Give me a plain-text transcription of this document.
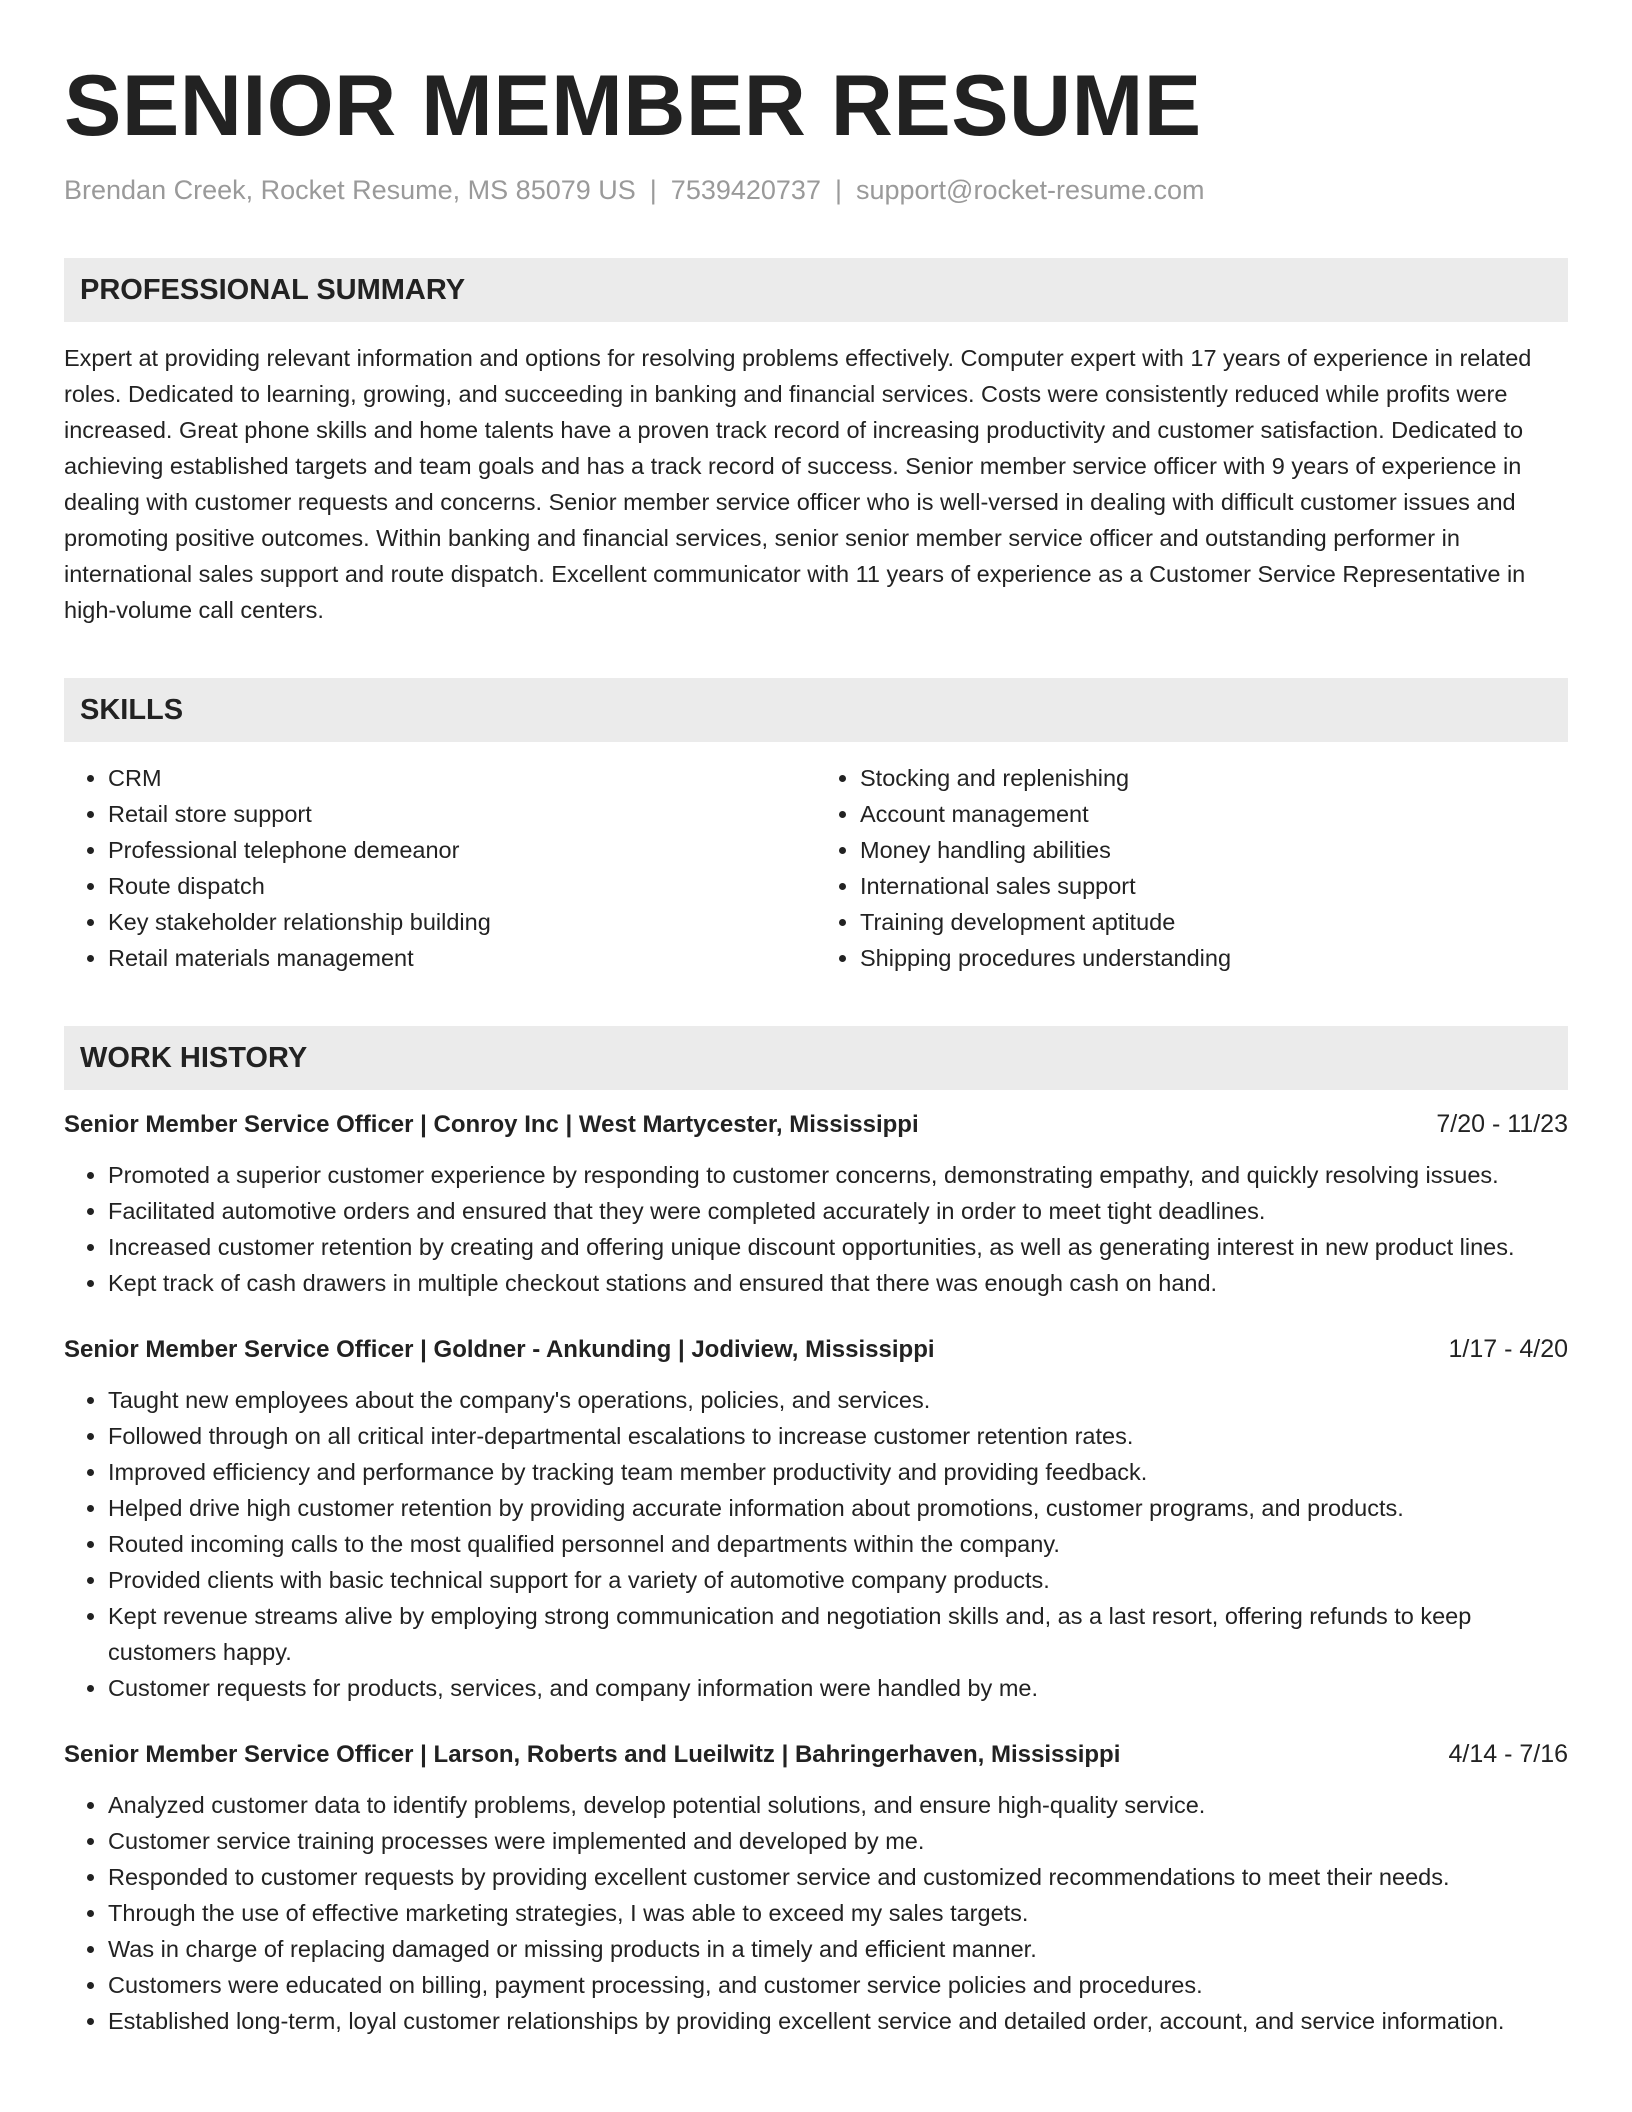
SENIOR MEMBER RESUME
Brendan Creek, Rocket Resume, MS 85079 US | 7539420737 | support@rocket-resume.com
PROFESSIONAL SUMMARY

Expert at providing relevant information and options for resolving problems effectively. Computer expert with 17 years of experience in related roles. Dedicated to learning, growing, and succeeding in banking and financial services. Costs were consistently reduced while profits were increased. Great phone skills and home talents have a proven track record of increasing productivity and customer satisfaction. Dedicated to achieving established targets and team goals and has a track record of success. Senior member service officer with 9 years of experience in dealing with customer requests and concerns. Senior member service officer who is well-versed in dealing with difficult customer issues and promoting positive outcomes. Within banking and financial services, senior senior member service officer and outstanding performer in international sales support and route dispatch. Excellent communicator with 11 years of experience as a Customer Service Representative in high-volume call centers.

SKILLS
• CRM
• Retail store support
• Professional telephone demeanor
• Route dispatch
• Key stakeholder relationship building
• Retail materials management
• Stocking and replenishing
• Account management
• Money handling abilities
• International sales support
• Training development aptitude
• Shipping procedures understanding
WORK HISTORY
Senior Member Service Officer | Conroy Inc | West Martycester, Mississippi	7/20 - 11/23
• Promoted a superior customer experience by responding to customer concerns, demonstrating empathy, and quickly resolving issues.
• Facilitated automotive orders and ensured that they were completed accurately in order to meet tight deadlines.
• Increased customer retention by creating and offering unique discount opportunities, as well as generating interest in new product lines.
• Kept track of cash drawers in multiple checkout stations and ensured that there was enough cash on hand.
Senior Member Service Officer | Goldner - Ankunding | Jodiview, Mississippi	1/17 - 4/20
• Taught new employees about the company's operations, policies, and services.
• Followed through on all critical inter-departmental escalations to increase customer retention rates.
• Improved efficiency and performance by tracking team member productivity and providing feedback.
• Helped drive high customer retention by providing accurate information about promotions, customer programs, and products.
• Routed incoming calls to the most qualified personnel and departments within the company.
• Provided clients with basic technical support for a variety of automotive company products.
• Kept revenue streams alive by employing strong communication and negotiation skills and, as a last resort, offering refunds to keep customers happy.
• Customer requests for products, services, and company information were handled by me.
Senior Member Service Officer | Larson, Roberts and Lueilwitz | Bahringerhaven, Mississippi	4/14 - 7/16
• Analyzed customer data to identify problems, develop potential solutions, and ensure high-quality service.
• Customer service training processes were implemented and developed by me.
• Responded to customer requests by providing excellent customer service and customized recommendations to meet their needs.
• Through the use of effective marketing strategies, I was able to exceed my sales targets.
• Was in charge of replacing damaged or missing products in a timely and efficient manner.
• Customers were educated on billing, payment processing, and customer service policies and procedures.
• Established long-term, loyal customer relationships by providing excellent service and detailed order, account, and service information.
